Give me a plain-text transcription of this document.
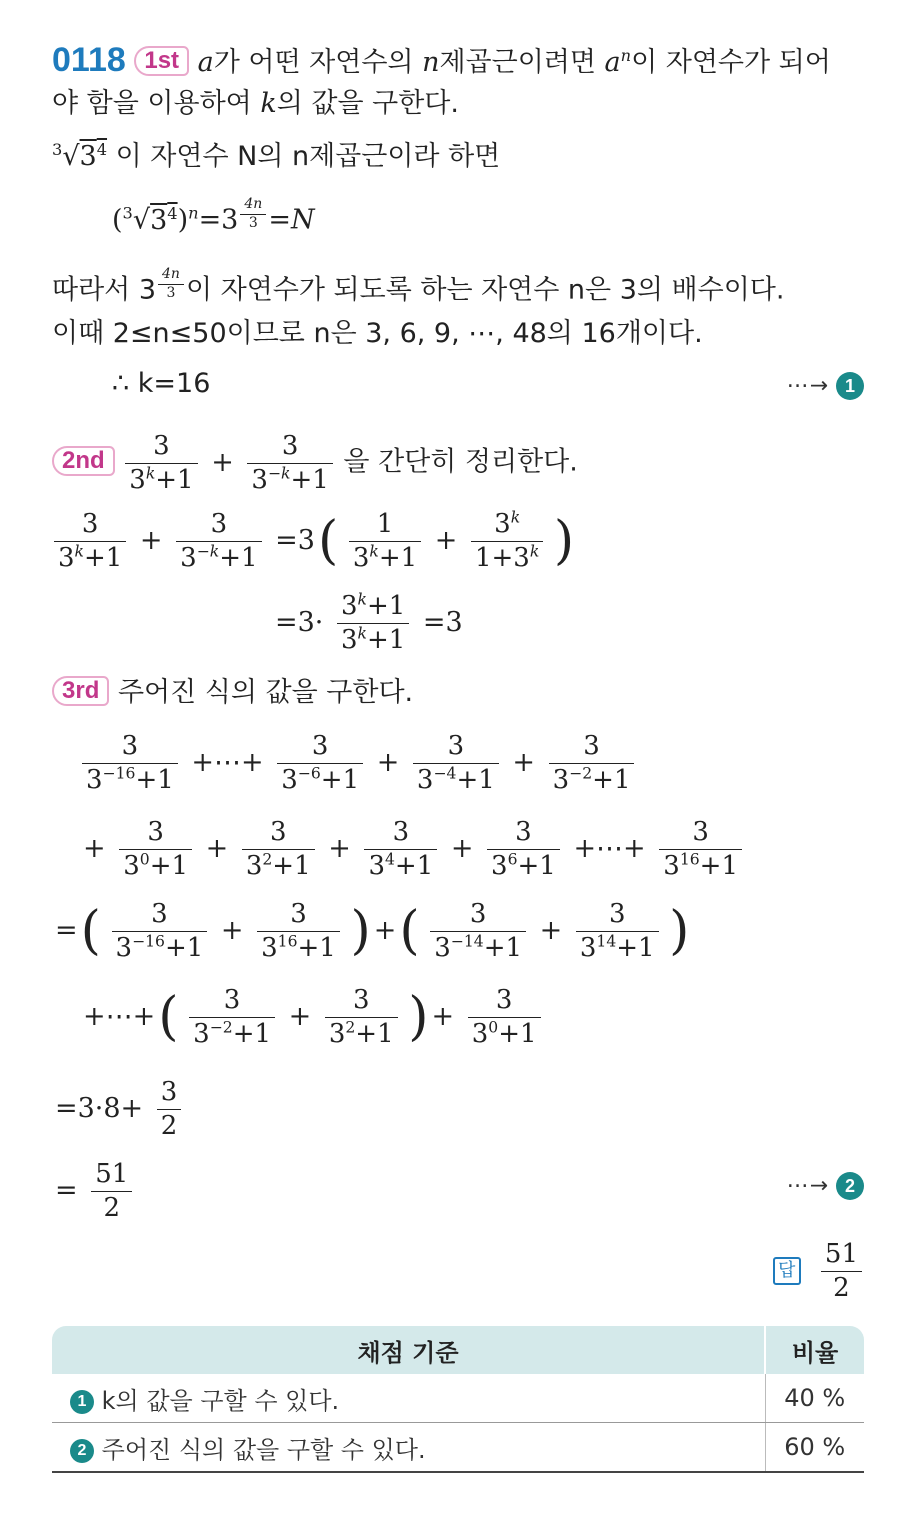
0118 1st a가 어떤 자연수의 n제곱근이려면 $a^n$이 자연수가 되어
야 함을 이용하여 k의 값을 구한다.
$^3√3^4$ 이 자연수 N의 n제곱근이라 하면
$(^3√3^4)^n=3$ $^{\frac{4n}{3}}$ =N
따라서 3 $^{\frac{4n}{3}}$ 이 자연수가 되도록 하는 자연수 n은 3의 배수이다.
이때 2≤n≤50이므로 n은 3, 6, 9, ⋯, 48의 16개이다.
∴ k=16	⋯→ 1
$2nd \frac{3}{3^k+1} + \frac{3}{3^{-k}+1}$ 을 간단히 정리한다.
$\frac{3}{3^k+1} + \frac{3}{3^{-k}+1} =3( \frac{1}{3^k+1} + \frac{3^k}{1+3^k}$ )
$=3\cdot \frac{3^k+1}{3^k+1} =3$
3rd 주어진 식의 값을 구한다.
$\frac{3}{3^{-16}+1}$ +⋯+ $\frac{3}{3^{-6}+1} + \frac{3}{3^{-4}+1} + \frac{3}{3^{-2}+1}$
+ $\frac{3}{3^0+1} + \frac{3}{3^2+1} + \frac{3}{3^4+1} + \frac{3}{3^6+1}$ +⋯+ $\frac{3}{3^{16}+1}$
=( $\frac{3}{3^{-16}+1} + \frac{3}{3^{16}+1}$ ) +( $\frac{3}{3^{-14}+1} + \frac{3}{3^{14}+1}$ )
+⋯+( $\frac{3}{3^{-2}+1} + \frac{3}{3^2+1}$ ) + $\frac{3}{3^0+1}$
$=3\cdot 8+ \frac{3}{2}$
= $\frac{51}{2}$	⋯→ 2
답 $\frac{51}{2}$
채점 기준	비율
1 k의 값을 구할 수 있다.	40 %
2 주어진 식의 값을 구할 수 있다.	60 %
